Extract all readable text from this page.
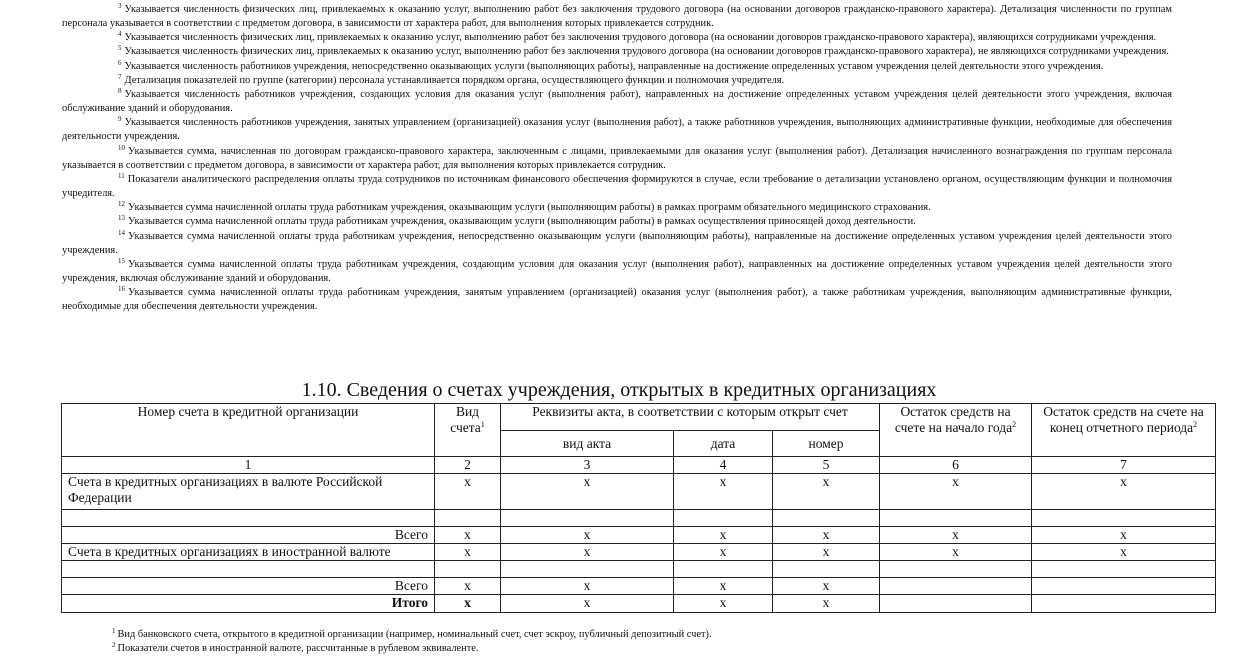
$^3$ Указывается численность физических лиц, привлекаемых к оказанию услуг, выполнению работ без заключения трудового договора (на основании договоров гражданско-правового характера). Детализация численности по группам персонала указывается в соответствии с предметом договора, в зависимости от характера работ, для выполнения которых привлекается сотрудник.
$^4$ Указывается численность физических лиц, привлекаемых к оказанию услуг, выполнению работ без заключения трудового договора (на основании договоров гражданско-правового характера), являющихся сотрудниками учреждения.
$^5$ Указывается численность физических лиц, привлекаемых к оказанию услуг, выполнению работ без заключения трудового договора (на основании договоров гражданско-правового характера), не являющихся сотрудниками учреждения.
$^6$ Указывается численность работников учреждения, непосредственно оказывающих услуги (выполняющих работы), направленные на достижение определенных уставом учреждения целей деятельности этого учреждения.
$^7$ Детализация показателей по группе (категории) персонала устанавливается порядком органа, осуществляющего функции и полномочия учредителя.
$^8$ Указывается численность работников учреждения, создающих условия для оказания услуг (выполнения работ), направленных на достижение определенных уставом учреждения целей деятельности этого учреждения, включая обслуживание зданий и оборудования.
$^9$ Указывается численность работников учреждения, занятых управлением (организацией) оказания услуг (выполнения работ), а также работников учреждения, выполняющих административные функции, необходимые для обеспечения деятельности учреждения.
$^{10}$ Указывается сумма, начисленная по договорам гражданско-правового характера, заключенным с лицами, привлекаемыми для оказания услуг (выполнения работ). Детализация начисленного вознаграждения по группам персонала указывается в соответствии с предметом договора, в зависимости от характера работ, для выполнения которых привлекается сотрудник.
$^{11}$ Показатели аналитического распределения оплаты труда сотрудников по источникам финансового обеспечения формируются в случае, если требование о детализации установлено органом, осуществляющим функции и полномочия учредителя.
$^{12}$ Указывается сумма начисленной оплаты труда работникам учреждения, оказывающим услуги (выполняющим работы) в рамках программ обязательного медицинского страхования.
$^{13}$ Указывается сумма начисленной оплаты труда работникам учреждения, оказывающим услуги (выполняющим работы) в рамках осуществления приносящей доход деятельности.
$^{14}$ Указывается сумма начисленной оплаты труда работникам учреждения, непосредственно оказывающим услуги (выполняющим работы), направленные на достижение определенных уставом учреждения целей деятельности этого учреждения.
$^{15}$ Указывается сумма начисленной оплаты труда работникам учреждения, создающим условия для оказания услуг (выполнения работ), направленных на достижение определенных уставом учреждения целей деятельности этого учреждения, включая обслуживание зданий и оборудования.
$^{16}$ Указывается сумма начисленной оплаты труда работникам учреждения, занятым управлением (организацией) оказания услуг (выполнения работ), а также работникам учреждения, выполняющим административные функции, необходимые для обеспечения деятельности учреждения.
1.10. Сведения о счетах учреждения, открытых в кредитных организациях
Номер счета в кредитной организации	Вид счета$^1$	Реквизиты акта, в соответствии с которым открыт счет			Остаток средств на счете на начало года$^2$	Остаток средств на счете на конец отчетного периода$^2$
		вид акта	дата	номер		
1	2	3	4	5	6	7
Счета в кредитных организациях в валюте Российской Федерации	x	x	x	x	x	x

Всего	x	x	x	x	x	x
Счета в кредитных организациях в иностранной валюте	x	x	x	x	x	x

Всего	x	x	x	x		
Итого	x	x	x	x		
$^1$ Вид банковского счета, открытого в кредитной организации (например, номинальный счет, счет эскроу, публичный депозитный счет).
$^2$ Показатели счетов в иностранной валюте, рассчитанные в рублевом эквиваленте.
